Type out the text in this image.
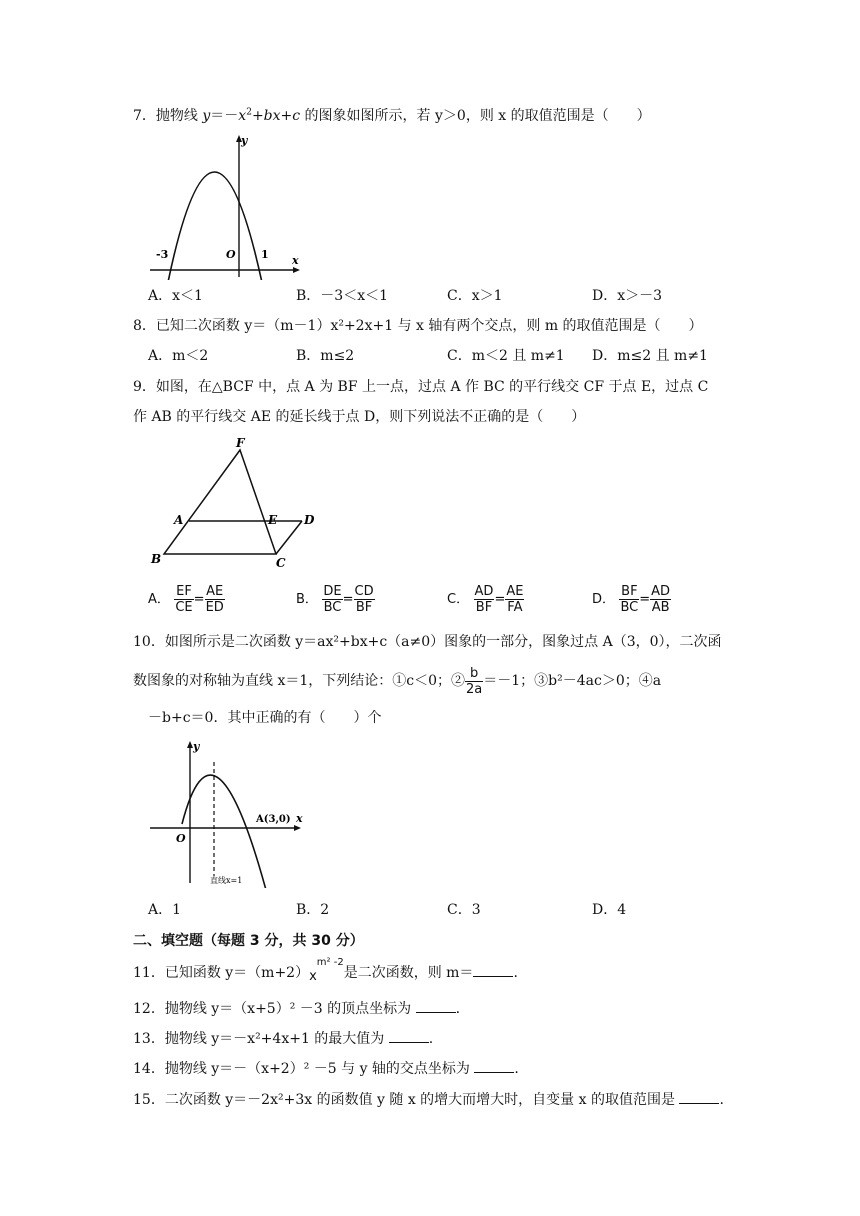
7．抛物线 $y=-x^2+bx+c$ 的图象如图所示，若 y＞0，则 x 的取值范围是（　　）
y
x
O
-3	1
A．x＜1	B．－3＜x＜1	C．x＞1	D．x＞－3
8．已知二次函数 y＝（m－1）x²+2x+1 与 x 轴有两个交点，则 m 的取值范围是（　　）
A．m＜2	B．m≤2	C．m＜2 且 m≠1 D．m≤2 且 m≠1
9．如图，在△BCF 中，点 A 为 BF 上一点，过点 A 作 BC 的平行线交 CF 于点 E，过点 C
作 AB 的平行线交 AE 的延长线于点 D，则下列说法不正确的是（　　）
F
A	E D
B	C
A． $\frac{EF}{CE} = \frac{AE}{ED}$	B． $\frac{DE}{BC} = \frac{CD}{BF}$	C． $\frac{AD}{BF} = \frac{AE}{FA}$	D． $\frac{BF}{BC} = \frac{AD}{AB}$
10．如图所示是二次函数 y＝ax²+bx+c（a≠0）图象的一部分，图象过点 A（3，0），二次函
数图象的对称轴为直线 x＝1，下列结论：①c＜0；② $\frac{b}{2a} =-1$；③b²－4ac＞0；④a
－b+c＝0．其中正确的有（　　）个
y
x
O
A(3,0)
直线x=1
A．1	B．2	C．3	D．4
二、填空题（每题 3 分，共 30 分）
11．已知函数 $y=(m+2)x^{m^2 -2}$是二次函数，则 m＝	.
12．抛物线 y＝（x+5）² －3 的顶点坐标为	.
13．抛物线 y＝－x²+4x+1 的最大值为	.
14．抛物线 y＝－（x+2）² －5 与 y 轴的交点坐标为	.
15．二次函数 y＝－2x²+3x 的函数值 y 随 x 的增大而增大时，自变量 x 的取值范围是	.
